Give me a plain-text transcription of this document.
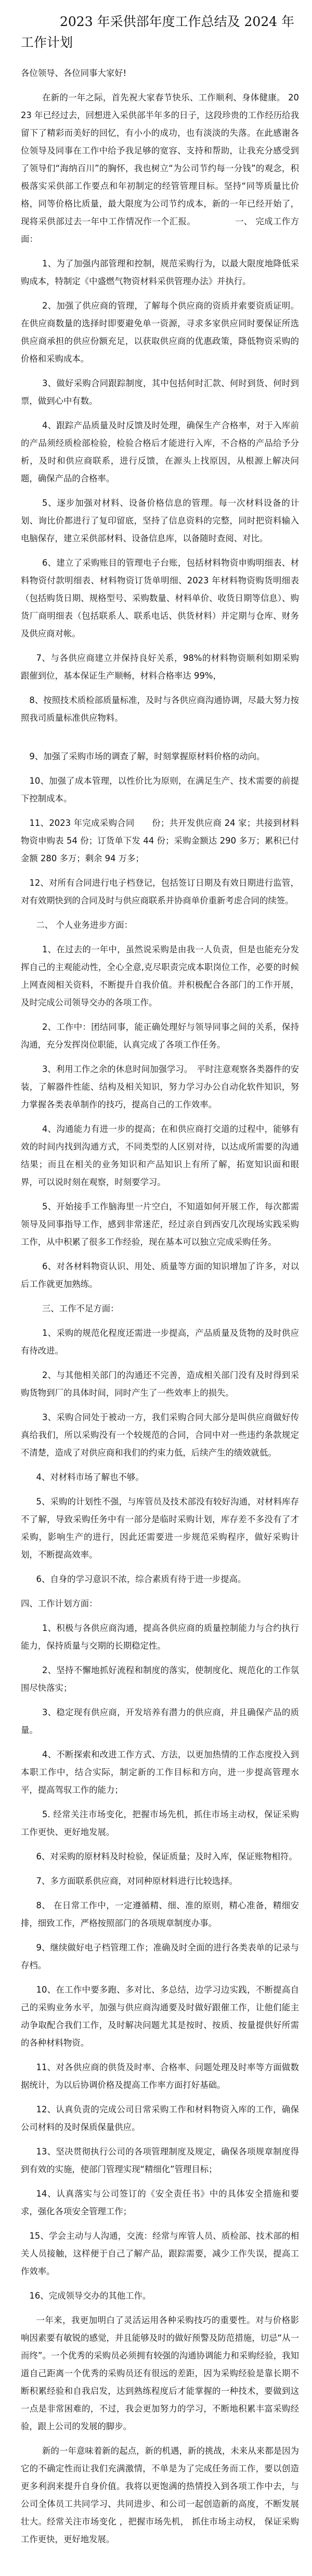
2023 年采供部年度工作总结及 2024 年工作计划

各位领导、各位同事大家好!

在新的一年之际，首先祝大家春节快乐、工作顺利、身体健康。 2023 年已经过去，回想进入采供部半年多的日子，这段珍贵的工作经历给我留下了精彩而美好的回忆，有小小的成功，也有淡淡的失落。在此感谢各位领导及同事在工作中给予我足够的宽容、支持和帮助，让我充分感受到了领导们“海纳百川”的胸怀，我也树立“为公司节约每一分钱”的观念，积极落实采供部工作要点和年初制定的经管管理目标。坚持“同等质量比价格，同等价格比质量，最大限度为公司节约成本，新的一年已经开始了，现将采供部过去一年中工作情况作一个汇报。　　　　　一、 完成工作方面：

1、为了加强内部管理和控制，规范采购行为，以最大限度地降低采购成本，特制定《中盛燃气物资材料采供管理办法》并执行。

2、加强了供应商的管理，了解每个供应商的资质并索要资质证明。在供应商数量的选择时即要避免单一资源，寻求多家供应同时要保证所选供应商承担的供应份额充足，以获取供应商的优惠政策，降低物资采购的价格和采购成本。

3、做好采购合同跟踪制度，其中包括何时汇款、何时到货、何时到票，做到心中有数。

4、跟踪产品质量及时反馈及时处理，确保生产合格率，对于入库前的产品须经质检部检验，检验合格后才能进行入库，不合格的产品给予分析，及时和供应商联系，进行反馈，在源头上找原因，从根源上解决问题，确保产品的合格率。

5、逐步加强对材料、设备价格信息的管理。每一次材料设备的计划、询比价都进行了复印留底，坚持了信息资料的完整，同时把资料输入电脑保存，建立采供部材料、设备信息库，以备随时查阅、对比。

6、建立了采购账目的管理电子台账，包括材料物资申购明细表、材料物资付款明细表、材料物资订货单明细、2023 年材料物资购货明细表（包括购货日期、规格型号、采购数量、材料单价、收货日期等信息）、购货厂商明细表（包括联系人、联系电话、供货材料）并定期与仓库、财务及供应商对帐。

7、与各供应商建立并保持良好关系，98%的材料物资顺利如期采购跟催到位，基本保证生产顺畅，材料合格率达 99%，

8、按照技术质检部质量标准，及时与各供应商沟通协调，尽最大努力按照我司质量标准供应物料。

9、加强了采购市场的调查了解，时刻掌握原材料价格的动向。

10、加强了成本管理，以性价比为原则，在满足生产、技术需要的前提下控制成本。

11、2023 年完成采购合同　　份；共开发供应商 24 家；共接到材料物资申购表 54 份；订货单下发 44 份；采购金额达 290 多万；累积已付金额 280 多万；剩余 94 万多；

12、对所有合同进行电子档登记，包括签订日期及有效日期进行监管，对有效期快到的合同及时与供应商联系并协商单价重新考虑合同的续签。

二、 个人业务进步方面：

1、在过去的一年中，虽然说采购是由我一人负责，但是也能充分发挥自己的主观能动性，全心全意,克尽职责完成本职岗位工作，必要的时候上网查阅相关资料，不断提升自我价值。并积极配合各部门的工作开展，及时完成公司领导交办的各项工作。

2、工作中：团结同事，能正确处理好与领导同事之间的关系，保持沟通，充分发挥岗位职能，认真完成了各项工作任务。

3、利用工作之余的休息时间加强学习。　平时注意观察各类器件的安装，了解器件性能、结构及相关知识，努力学习办公自动化软件知识，努力掌握各类表单制作的技巧，提高自己的工作效率。

4、沟通能力有进一步的提高；在和供应商打交道的过程中，能够有效的时间内找到沟通方式，不同类型的人区别对待，以达成所需要的沟通结果；而且在相关的业务知识和产品知识上有所了解，拓宽知识面和眼界，可以说时刻在观察，时刻要学习。

5、开始接手工作脑海里一片空白，不知道如何开展工作，每次都需领导及同事指导工作，感到非常迷茫，经过亲自到西安几次现场实践采购工作，从中积累了很多工作经验，现在基本可以独立完成采购任务。

6、对各材料物资认识、用处、质量等方面的知识增加了许多，对以后工作就更加熟练。

三、工作不足方面：

1、采购的规范化程度还需进一步提高，产品质量及货物的及时供应有待改进。

2、与其他相关部门的沟通还不完善，造成相关部门没有及时得到采购货物到厂的具体时间，同时产生了一些效率上的损失。

3、采购合同处于被动一方，我们采购合同大部分是叫供应商做好传真给我们，所以采购没有一个较规范的合同，合同中对一些违约条款规定不清楚，造成了对供应商和我们的约束力低，后续产生的绩效就低。

4、对材料市场了解也不够。

5、采购的计划性不强，与库管员及技术部没有较好沟通，对材料库存不了解，导致采购任务中有一部分是临时采购计划，库存差不多没有了才采购，影响生产的进行，因此还需要进一步规范采购程序，做好采购计划，不断提高效率。

6、自身的学习意识不浓，综合素质有待于进一步提高。

四、工作计划方面：

1、积极与各供应商沟通，提高各供应商的质量控制能力与合约执行能力，保持质量与交期的长期稳定性。

2、坚持不懈地抓好流程和制度的落实，使制度化、规范化的工作氛围尽快落实；

3、稳定现有供应商，开发培养有潜力的供应商，并且确保产品的质量。

4、不断探索和改进工作方式、方法，以更加热情的工作态度投入到本职工作中，结合实际，制定新的工作目标和方向，进一步提高管理水平，提高驾驭工作的能力；

5. 经常关注市场变化，把握市场先机，抓住市场主动权，保证采购工作更快、更好地发展。

6、对采购的原材料及时检验，保证质量；及时入库，保证账物相符。

7、多方面联系供应商，对同种原材料进行比较选择。

8、 在日常工作中，一定遵循精、细、准的原则，精心准备，精细安排，细致工作，严格按照部门的各项规章制度办事。

9、继续做好电子档管理工作；准确及时全面的进行各类表单的记录与存档。

10、在工作中要多跑、多对比、多总结，边学习边实践，不断提高自己的采购业务水平，加强与供应商沟通要及时做好跟催工作，让他们能主动争取配合我们工作，及时解决问题尤其是按时、按质、按量提供好所需的各种材料物资。

11、对各供应商的供货及时率、合格率、问题处理及时率等方面做数据统计，为以后协调价格及提高工作率方面打好基础。

12、认真负责的完成公司日常采购工作和材料物资入库的工作，确保公司材料的及时保质保量供应。

13、坚决贯彻执行公司的各项管理制度及规定，确保各项规章制度得到有效的实施，使部门管理实现“精细化”管理目标；

14、认真落实与公司签订的《安全责任书》中的具体安全措施和要求，强化各项安全管理工作；

15、学会主动与人沟通，交流：经常与库管人员、质检部、技术部的相关人员接触，这样便于自己了解产品，跟踪需要，减少工作失误，提高工作效率。

16、完成领导交办的其他工作。

一年来，我更加明白了灵活运用各种采购技巧的重要性。对与价格影响因素要有敏锐的感觉，并且能够及时的做好预警及防范措施，切忌“从一而终”。一个优秀的采购员必须拥有较强的沟通协调能力和采购经验，我知道自己距离一个优秀的采购员还有很远的差距，因为采购经验是靠长期不断积累经验和自我启发，达到熟练程度后才能掌握的一种技术，要做到这一点是非常困难的，不过，我会更加努力的学习，不断地积累丰富采购经验，跟上公司的发展的脚步。

新的一年意味着新的起点，新的机遇，新的挑战，未来从来都是因为它的不确定性而让我们充满激情，不单是为了完成任务而工作，要以创造更多利润来提升自身价值。我将以更饱满的热情投入到各项工作中去，与公司全体员工共同学习、共同进步、和公司一起创造新的高度，不断发展壮大。经常关注市场变化 ，把握市场先机， 抓住市场主动权， 保证采购工作更快，更好地发展。
